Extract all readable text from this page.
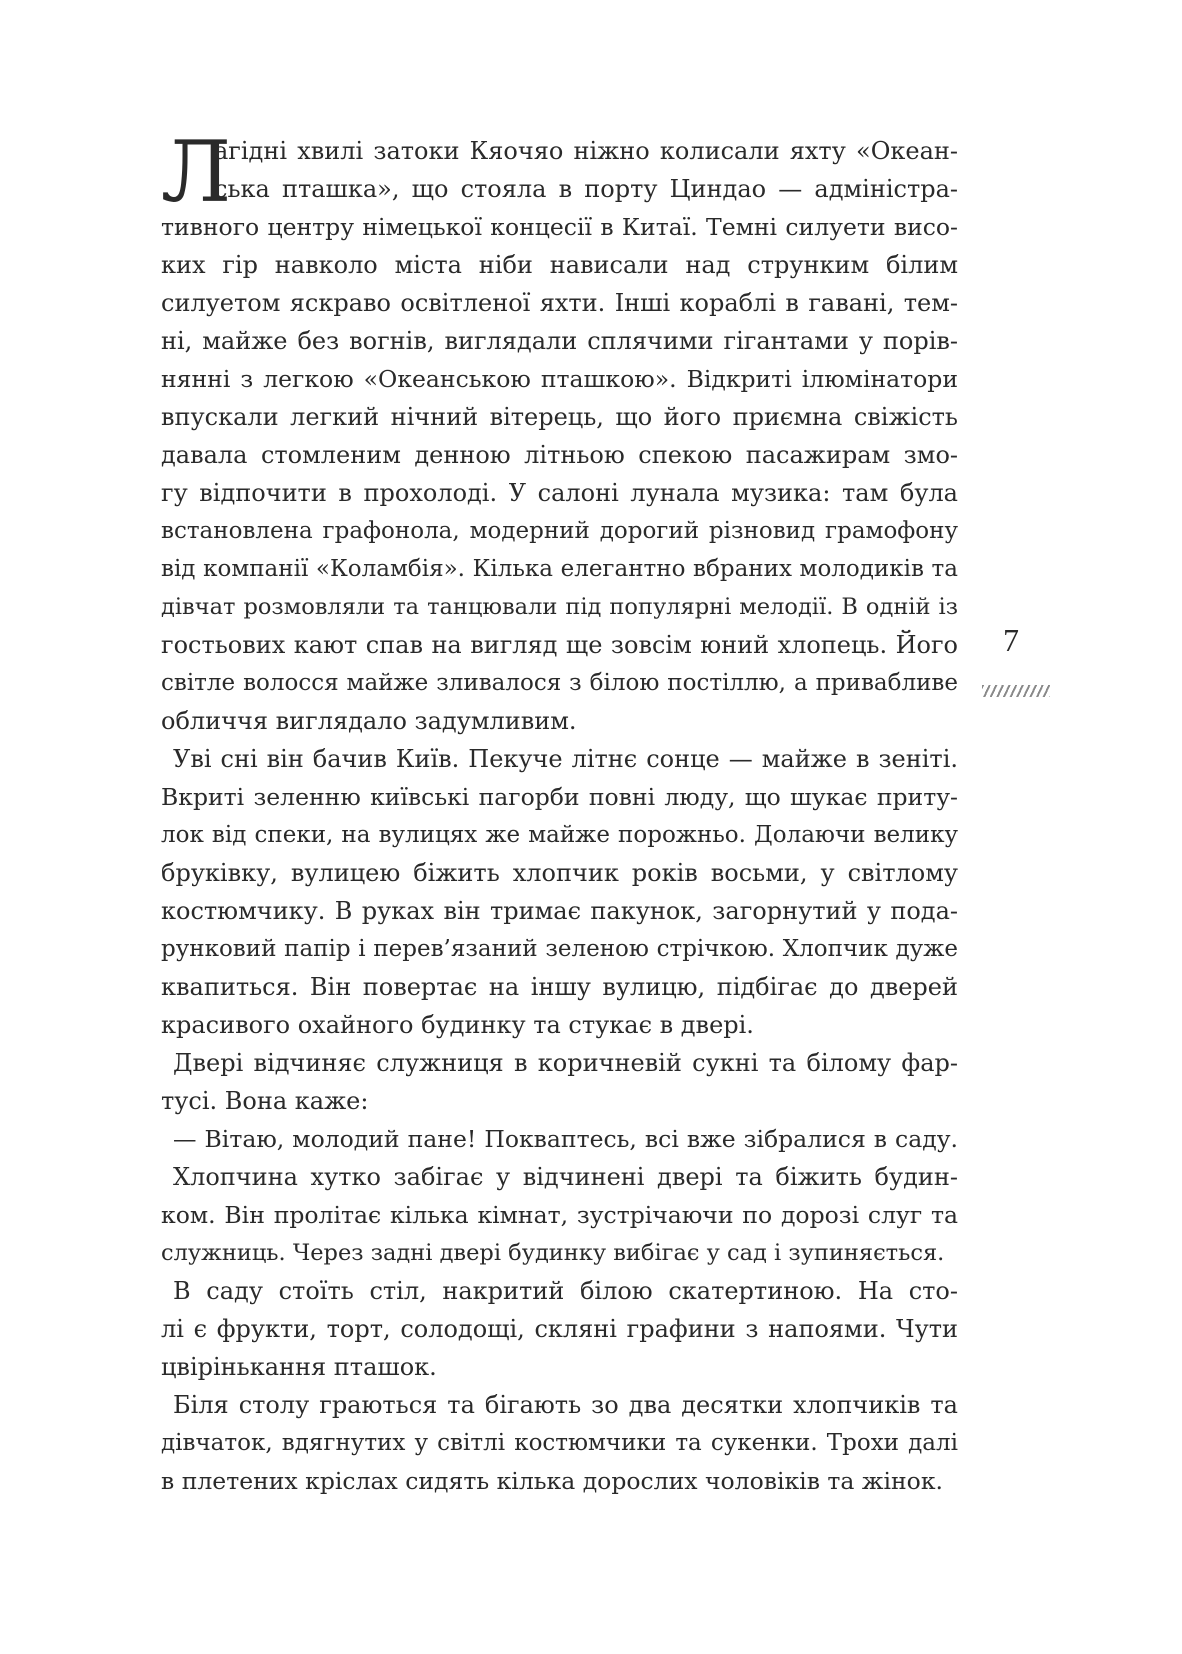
Л
агідні хвилі затоки Кяочяо ніжно колисали яхту «Океан-
ська пташка», що стояла в порту Циндао — адміністра-
тивного центру німецької концесії в Китаї. Темні силуети висо-
ких гір навколо міста ніби нависали над струнким білим
силуетом яскраво освітленої яхти. Інші кораблі в гавані, тем-
ні, майже без вогнів, виглядали сплячими гігантами у порів-
нянні з легкою «Океанською пташкою». Відкриті ілюмінатори
впускали легкий нічний вітерець, що його приємна свіжість
давала стомленим денною літньою спекою пасажирам змо-
гу відпочити в прохолоді. У салоні лунала музика: там була
встановлена графонола, модерний дорогий різновид грамофону
від компанії «Коламбія». Кілька елегантно вбраних молодиків та
дівчат розмовляли та танцювали під популярні мелодії. В одній із
гостьових кают спав на вигляд ще зовсім юний хлопець. Його
світле волосся майже зливалося з білою постіллю, а привабливе
обличчя виглядало задумливим.
Уві сні він бачив Київ. Пекуче літнє сонце — майже в зеніті.
Вкриті зеленню київські пагорби повні люду, що шукає приту-
лок від спеки, на вулицях же майже порожньо. Долаючи велику
бруківку, вулицею біжить хлопчик років восьми, у світлому
костюмчику. В руках він тримає пакунок, загорнутий у пода-
рунковий папір і перев’язаний зеленою стрічкою. Хлопчик дуже
квапиться. Він повертає на іншу вулицю, підбігає до дверей
красивого охайного будинку та стукає в двері.
Двері відчиняє служниця в коричневій сукні та білому фар-
тусі. Вона каже:
— Вітаю, молодий пане! Покваптесь, всі вже зібралися в саду.
Хлопчина хутко забігає у відчинені двері та біжить будин-
ком. Він пролітає кілька кімнат, зустрічаючи по дорозі слуг та
служниць. Через задні двері будинку вибігає у сад і зупиняється.
В саду стоїть стіл, накритий білою скатертиною. На сто-
лі є фрукти, торт, солодощі, скляні графини з напоями. Чути
цвірінькання пташок.
Біля столу граються та бігають зо два десятки хлопчиків та
дівчаток, вдягнутих у світлі костюмчики та сукенки. Трохи далі
в плетених кріслах сидять кілька дорослих чоловіків та жінок.
7
